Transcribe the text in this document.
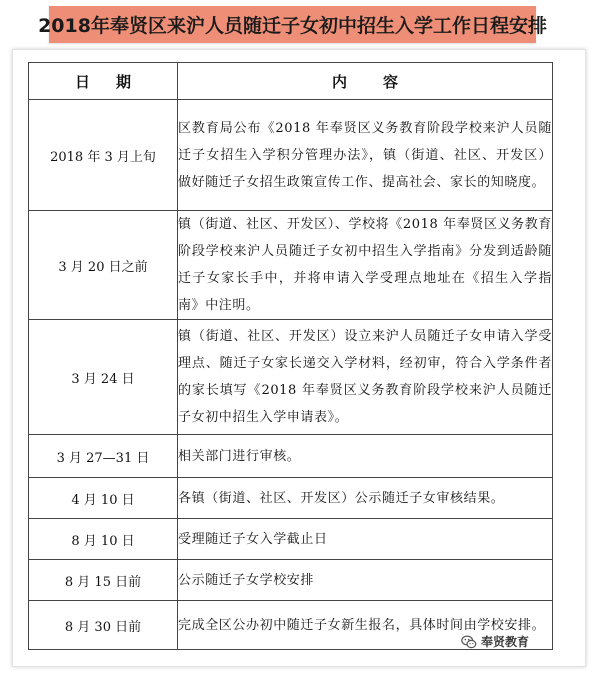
2018年奉贤区来沪人员随迁子女初中招生入学工作日程安排
日 期	内 容
2018 年 3 月上旬	区教育局公布《2018 年奉贤区义务教育阶段学校来沪人员随迁子女招生入学积分管理办法》，镇（街道、社区、开发区）做好随迁子女招生政策宣传工作、提高社会、家长的知晓度。
3 月 20 日之前	镇（街道、社区、开发区）、学校将《2018 年奉贤区义务教育阶段学校来沪人员随迁子女初中招生入学指南》分发到适龄随迁子女家长手中，并将申请入学受理点地址在《招生入学指南》中注明。
3 月 24 日	镇（街道、社区、开发区）设立来沪人员随迁子女申请入学受理点、随迁子女家长递交入学材料，经初审，符合入学条件者的家长填写《2018 年奉贤区义务教育阶段学校来沪人员随迁子女初中招生入学申请表》。
3 月 27—31 日	相关部门进行审核。
4 月 10 日	各镇（街道、社区、开发区）公示随迁子女审核结果。
8 月 10 日	受理随迁子女入学截止日
8 月 15 日前	公示随迁子女学校安排
8 月 30 日前	完成全区公办初中随迁子女新生报名，具体时间由学校安排。
奉贤教育
